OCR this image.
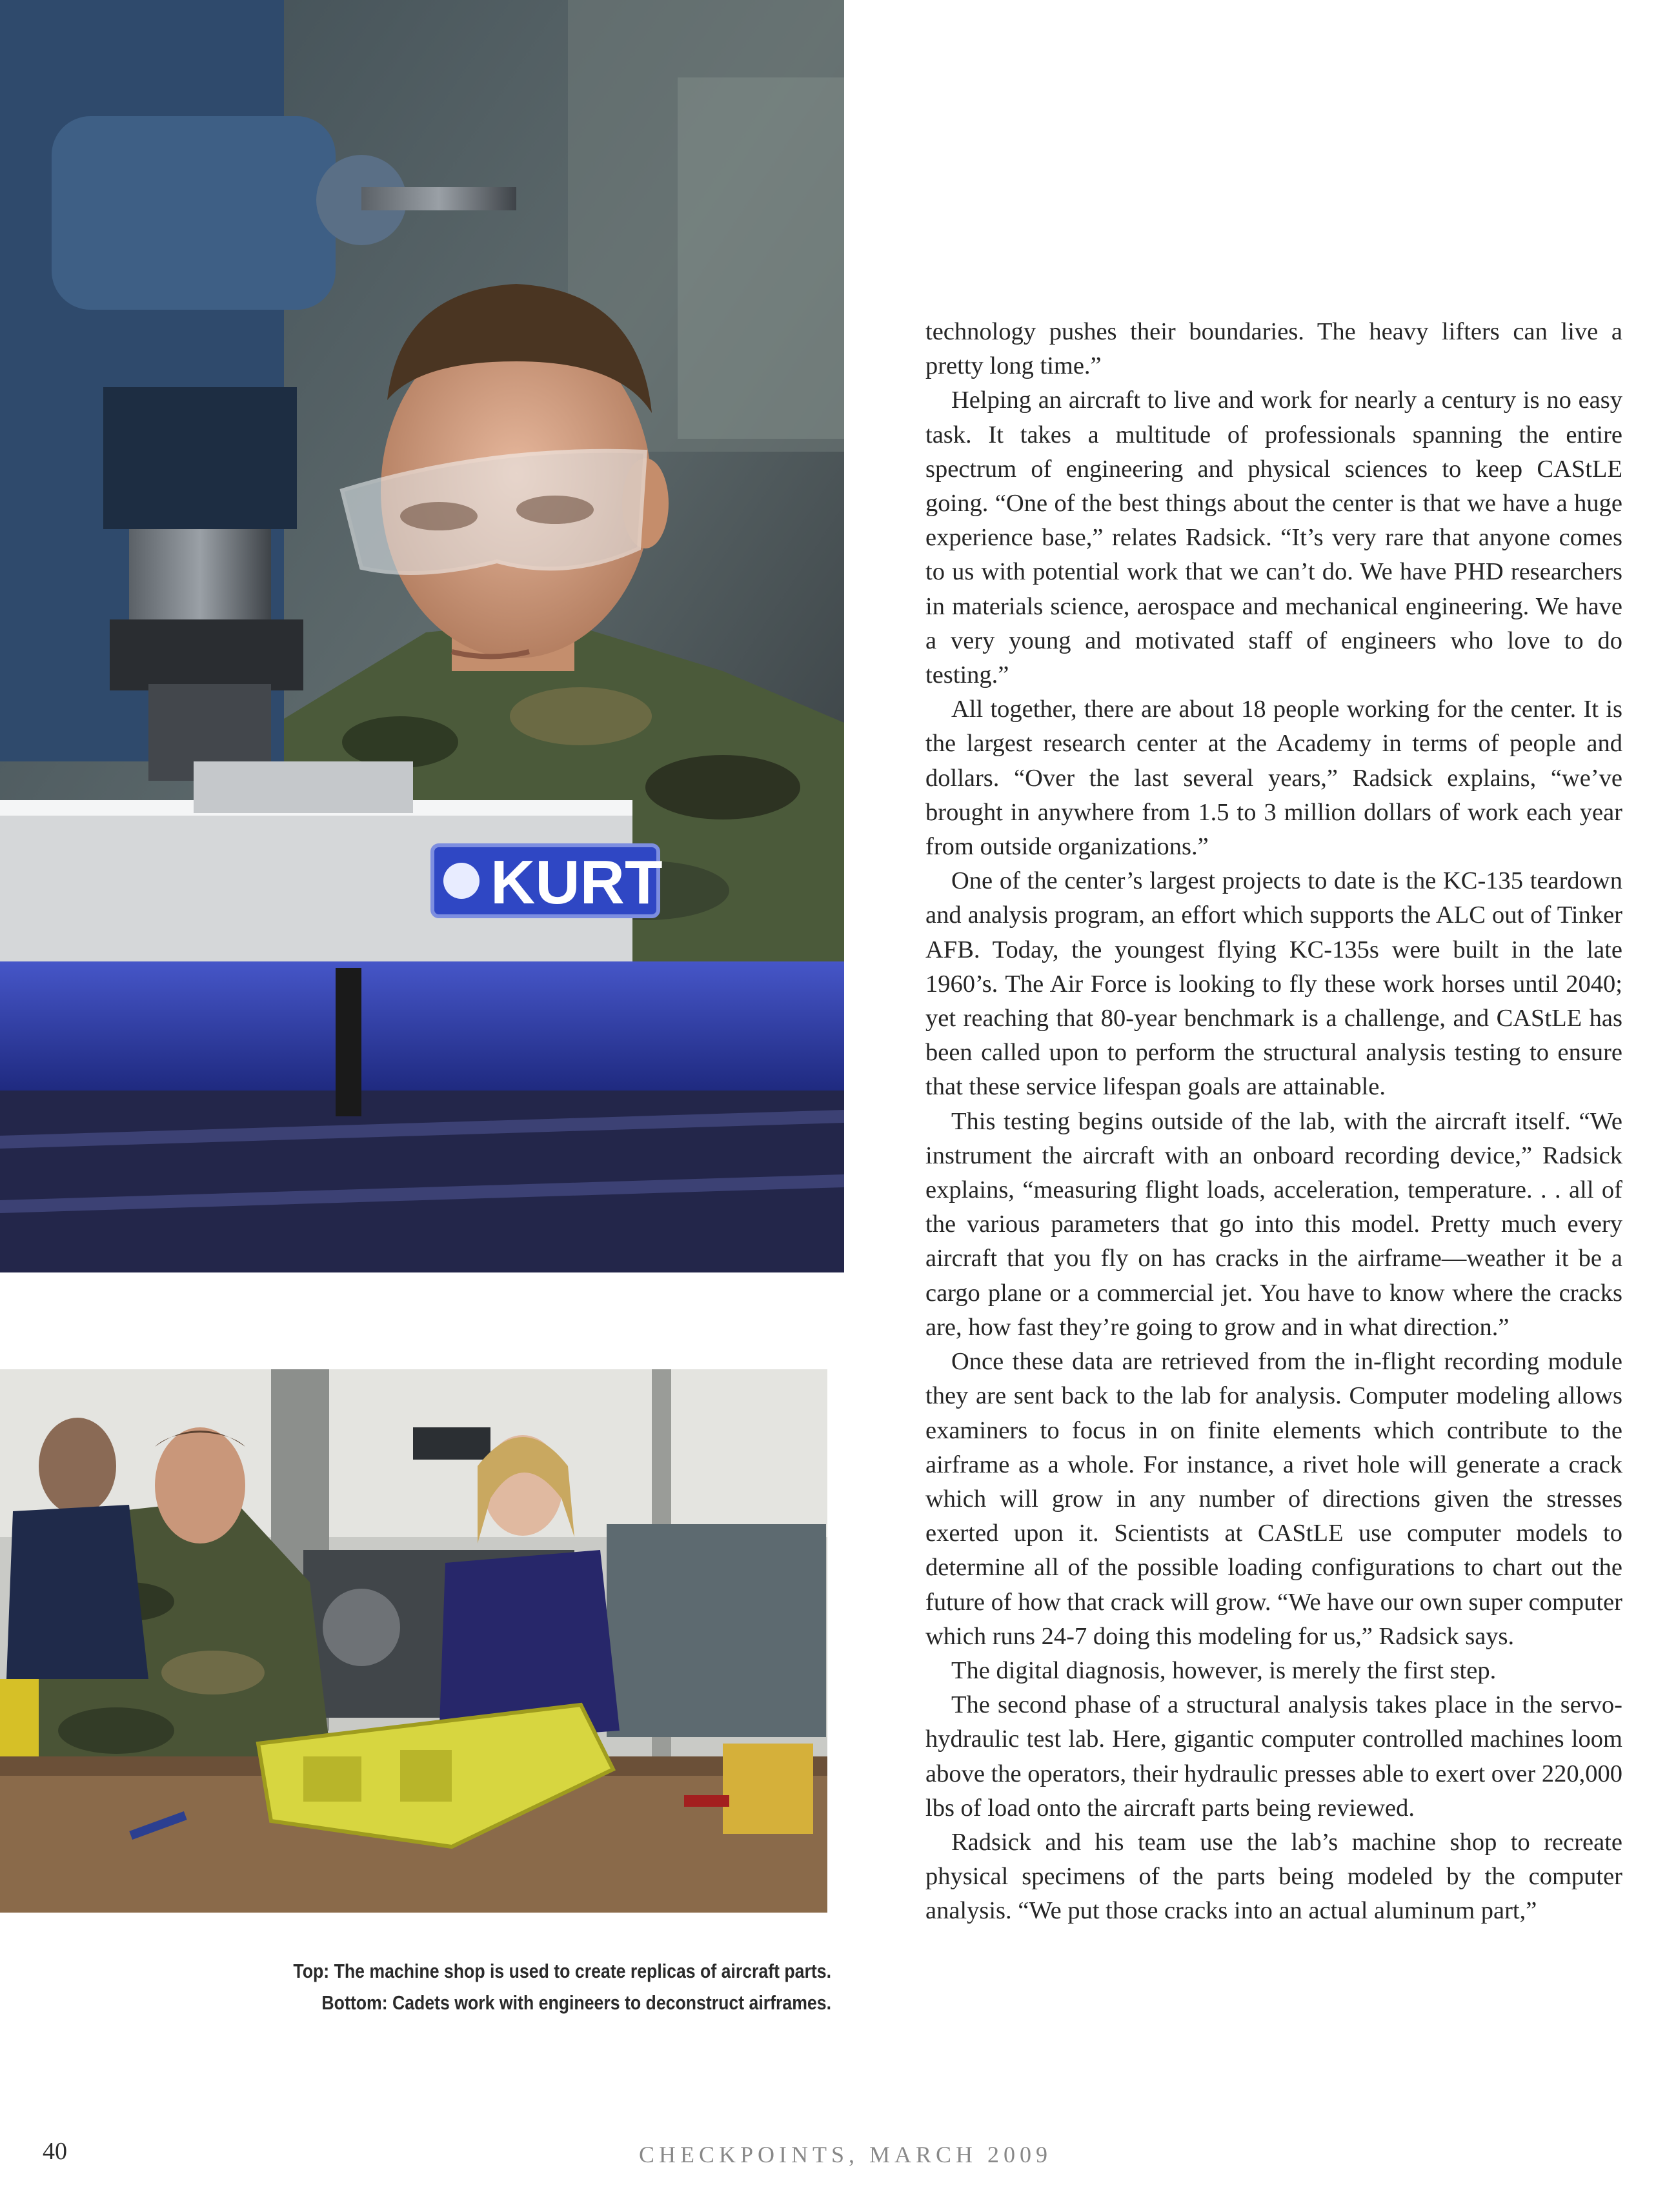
KURT
Top: The machine shop is used to create replicas of aircraft parts.
Bottom: Cadets work with engineers to deconstruct airframes.

technology pushes their boundaries. The heavy lifters can live a pretty long time.”

Helping an aircraft to live and work for nearly a century is no easy task. It takes a multitude of professionals spanning the entire spectrum of engineering and physical sciences to keep CAStLE going. “One of the best things about the center is that we have a huge experience base,” relates Radsick. “It’s very rare that anyone comes to us with potential work that we can’t do. We have PHD researchers in materials science, aerospace and mechanical engineering. We have a very young and motivated staff of engineers who love to do testing.”

All together, there are about 18 people working for the center. It is the largest research center at the Academy in terms of people and dollars. “Over the last several years,” Radsick explains, “we’ve brought in anywhere from 1.5 to 3 million dollars of work each year from outside organizations.”

One of the center’s largest projects to date is the KC-135 teardown and analysis program, an effort which supports the ALC out of Tinker AFB. Today, the youngest flying KC-135s were built in the late 1960’s. The Air Force is looking to fly these work horses until 2040; yet reaching that 80-year benchmark is a challenge, and CAStLE has been called upon to perform the structural analysis testing to ensure that these service lifespan goals are attainable.

This testing begins outside of the lab, with the aircraft itself. “We instrument the aircraft with an onboard recording device,” Radsick explains, “measuring flight loads, acceleration, temperature. . . all of the various parameters that go into this model. Pretty much every aircraft that you fly on has cracks in the airframe—weather it be a cargo plane or a commercial jet. You have to know where the cracks are, how fast they’re going to grow and in what direction.”

Once these data are retrieved from the in-flight recording module they are sent back to the lab for analysis. Computer modeling allows examiners to focus in on finite elements which contribute to the airframe as a whole. For instance, a rivet hole will generate a crack which will grow in any number of directions given the stresses exerted upon it. Scientists at CAStLE use computer models to determine all of the possible loading configurations to chart out the future of how that crack will grow. “We have our own super computer which runs 24-7 doing this modeling for us,” Radsick says.

The digital diagnosis, however, is merely the first step.

The second phase of a structural analysis takes place in the servo-hydraulic test lab. Here, gigantic computer controlled machines loom above the operators, their hydraulic presses able to exert over 220,000 lbs of load onto the aircraft parts being reviewed.

Radsick and his team use the lab’s machine shop to recreate physical specimens of the parts being modeled by the computer analysis. “We put those cracks into an actual aluminum part,”

40	CHECKPOINTS, MARCH 2009
